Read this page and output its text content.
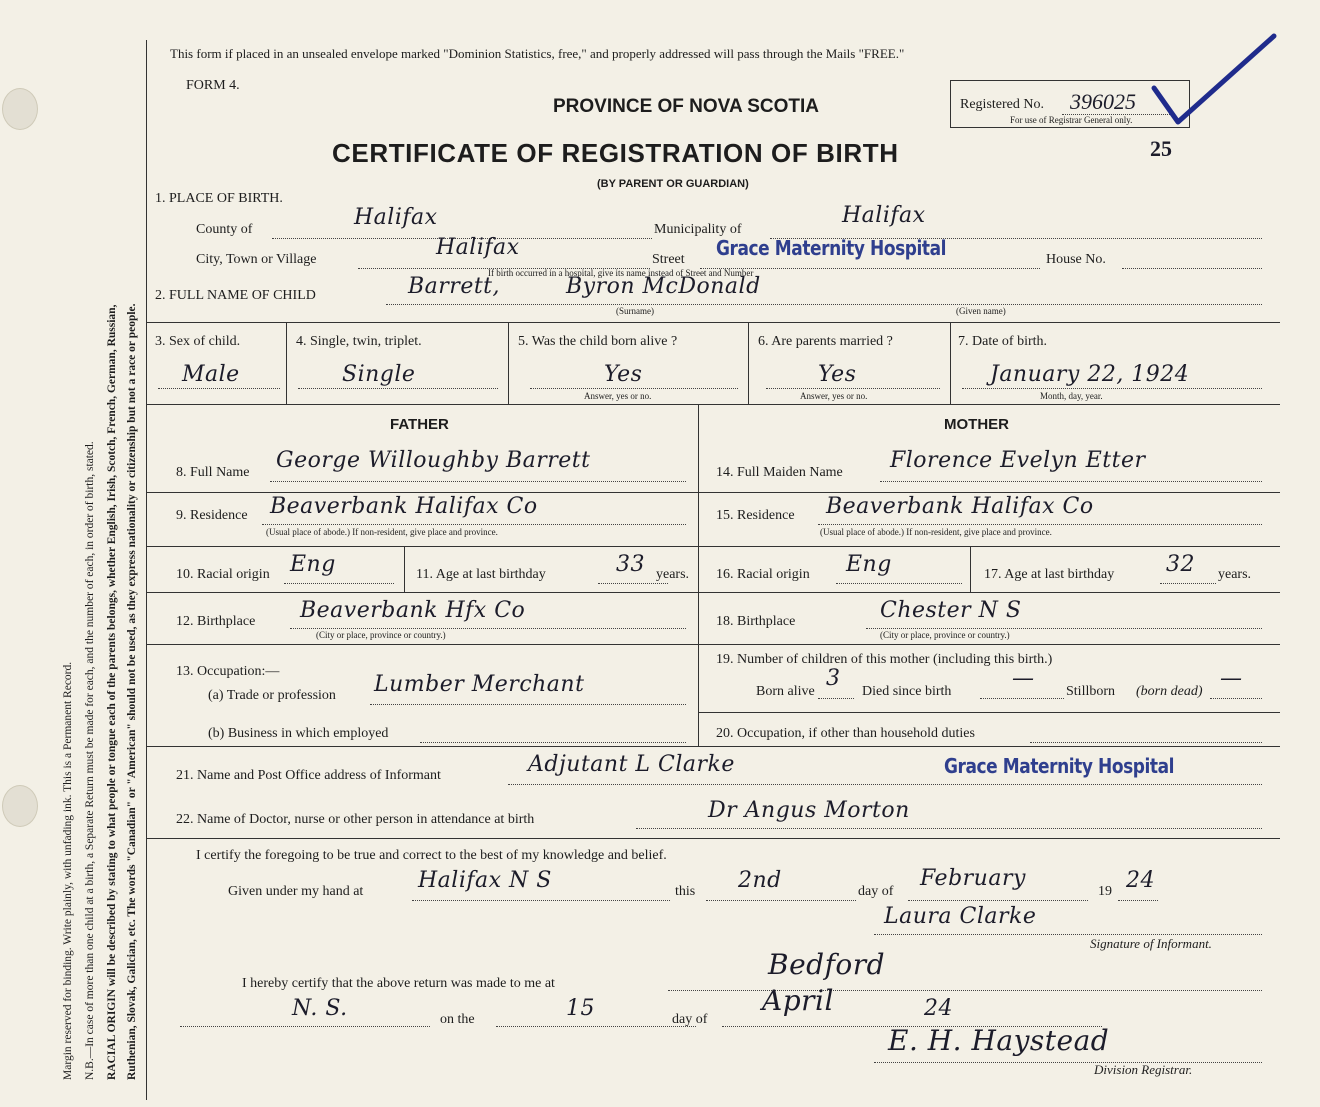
Margin reserved for binding. Write plainly, with unfading ink. This is a Permanent Record. N.B.—In case of more than one child at a birth, a Separate Return must be made for each, and the number of each, in order of birth, stated. RACIAL ORIGIN will be described by stating to what people or tongue each of the parents belongs, whether English, Irish, Scotch, French, German, Russian, Ruthenian, Slovak, Galician, etc. The words "Canadian" or "American" should not be used, as they express nationality or citizenship but not a race or people.
This form if placed in an unsealed envelope marked "Dominion Statistics, free," and properly addressed will pass through the Mails "FREE."
FORM 4.
PROVINCE OF NOVA SCOTIA
CERTIFICATE OF REGISTRATION OF BIRTH	25
(BY PARENT OR GUARDIAN)
Registered No. 396025
For use of Registrar General only.
1. PLACE OF BIRTH.
County of	Halifax	Municipality of
Halifax
City, Town or Village	Halifax	Street Grace Maternity Hospital	House No.
If birth occurred in a hospital, give its name instead of Street and Number
2. FULL NAME OF CHILD	Barrett,	Byron McDonald
(Surname)	(Given name)
3. Sex of child.
Male
4. Single, twin, triplet.
Single
5. Was the child born alive ?
Yes
Answer, yes or no.
6. Are parents married ?
Yes
Answer, yes or no.
7. Date of birth.
January 22, 1924
Month, day, year.
FATHER	MOTHER
8. Full Name George Willoughby Barrett	14. Full Maiden Name Florence Evelyn Etter
9. Residence Beaverbank Halifax Co
(Usual place of abode.) If non-resident, give place and province.
15. Residence Beaverbank Halifax Co
(Usual place of abode.) If non-resident, give place and province.
10. Racial origin Eng	11. Age at last birthday	33 years. 16. Racial origin Eng	17. Age at last birthday 32 years.
12. Birthplace Beaverbank Hfx Co
(City or place, province or country.)
18. Birthplace	Chester N S
(City or place, province or country.)
13. Occupation:—
(a) Trade or profession Lumber Merchant
(b) Business in which employed
19. Number of children of this mother (including this birth.)
Born alive
3
Died since birth
—
Stillborn (born dead)
—
20. Occupation, if other than household duties
21. Name and Post Office address of Informant	Adjutant L Clarke	Grace Maternity Hospital
22. Name of Doctor, nurse or other person in attendance at birth	Dr Angus Morton
I certify the foregoing to be true and correct to the best of my knowledge and belief.
Given under my hand at Halifax N S	this 2nd	day of
February
19 24
Laura Clarke
Signature of Informant.
I hereby certify that the above return was made to me at
Bedford
N. S.	on the	15	day of
April	24
E. H. Haystead
Division Registrar.
